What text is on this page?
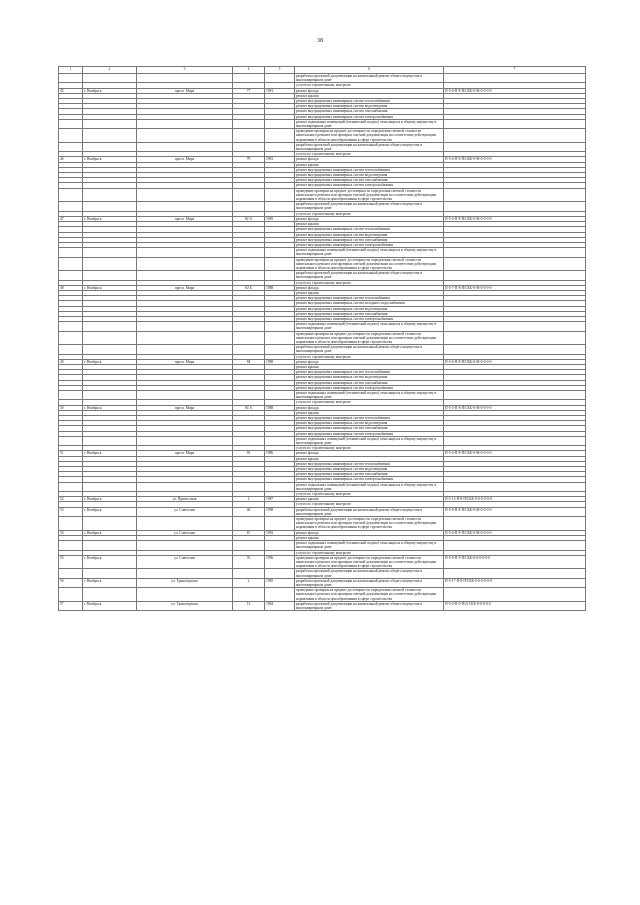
38
1	2	3	4	5	6	7
					разработка проектной документации на капитальный ремонт общего имущества в многоквартирном доме	
					услуги по строительному контролю	
45	г. Ноябрьск	просп. Мира	77	1981	ремонт фасада	П-5-6-П-8-П/СКБ-0-М-0-0-0-0
					ремонт крыши	
					ремонт внутридомовых инженерных систем теплоснабжения	
					ремонт внутридомовых инженерных систем водоотведения	
					ремонт внутридомовых инженерных систем газоснабжения	
					ремонт внутридомовых инженерных систем электроснабжения	
					ремонт подвальных помещений (технический подпол) относящихся к общему имуществу в многоквартирном доме	
					проведение проверки на предмет достоверности определения сметной стоимости капитального ремонта или проверки сметной документации на соответствие действующим нормативам в области ценообразования в сфере строительства	
					разработка проектной документации на капитальный ремонт общего имущества в многоквартирном доме	
					услуги по строительному контролю	
46	г. Ноябрьск	просп. Мира	79	1981	ремонт фасада	П-5-6-П-8-П/СКБ-0-М-0-0-0-0
					ремонт крыши	
					ремонт внутридомовых инженерных систем теплоснабжения	
					ремонт внутридомовых инженерных систем водоотведения	
					ремонт внутридомовых инженерных систем газоснабжения	
					ремонт внутридомовых инженерных систем электроснабжения	
					проведение проверки на предмет достоверности определения сметной стоимости капитального ремонта или проверки сметной документации на соответствие действующим нормативам в области ценообразования в сфере строительства	
					разработка проектной документации на капитальный ремонт общего имущества в многоквартирном доме	
					услуги по строительному контролю	
47	г. Ноябрьск	просп. Мира	82 А	1985	ремонт фасада	П-5-4-П-8-П/СКБ-0-М-0-0-0-0
					ремонт крыши	
					ремонт внутридомовых инженерных систем теплоснабжения	
					ремонт внутридомовых инженерных систем водоотведения	
					ремонт внутридомовых инженерных систем газоснабжения	
					ремонт внутридомовых инженерных систем электроснабжения	
					ремонт подвальных помещений (технический подпол) относящихся к общему имуществу в многоквартирном доме	
					проведение проверки на предмет достоверности определения сметной стоимости капитального ремонта или проверки сметной документации на соответствие действующим нормативам в области ценообразования в сфере строительства	
					разработка проектной документации на капитальный ремонт общего имущества в многоквартирном доме	
					услуги по строительному контролю	
48	г. Ноябрьск	просп. Мира	82 Б	1988	ремонт фасада	П-5-7-П-8-П/СКБ-0-М-0-0-0-0
					ремонт крыши	
					ремонт внутридомовых инженерных систем теплоснабжения	
					ремонт внутридомовых инженерных систем холодного водоснабжения	
					ремонт внутридомовых инженерных систем водоотведения	
					ремонт внутридомовых инженерных систем газоснабжения	
					ремонт внутридомовых инженерных систем электроснабжения	
					ремонт подвальных помещений (технический подпол) относящихся к общему имуществу в многоквартирном доме	
					проведение проверки на предмет достоверности определения сметной стоимости капитального ремонта или проверки сметной документации на соответствие действующим нормативам в области ценообразования в сфере строительства	
					разработка проектной документации на капитальный ремонт общего имущества в многоквартирном доме	
					услуги по строительному контролю	
49	г. Ноябрьск	просп. Мира	84	1988	ремонт фасада	П-5-6-П-8-П/СКБ-0-М-0-0-0-0
					ремонт крыши	
					ремонт внутридомовых инженерных систем теплоснабжения	
					ремонт внутридомовых инженерных систем водоотведения	
					ремонт внутридомовых инженерных систем газоснабжения	
					ремонт внутридомовых инженерных систем электроснабжения	
					ремонт подвальных помещений (технический подпол) относящихся к общему имуществу в многоквартирном доме	
					услуги по строительному контролю	
50	г. Ноябрьск	просп. Мира	84 А	1988	ремонт фасада	П-5-3-П-8-П/СКБ-0-М-0-0-0-0
					ремонт крыши	
					ремонт внутридомовых инженерных систем теплоснабжения	
					ремонт внутридомовых инженерных систем водоотведения	
					ремонт внутридомовых инженерных систем газоснабжения	
					ремонт внутридомовых инженерных систем электроснабжения	
					ремонт подвальных помещений (технический подпол) относящихся к общему имуществу в многоквартирном доме	
					услуги по строительному контролю	
51	г. Ноябрьск	просп. Мира	93	1986	ремонт фасада	П-5-4-П-8-П/СКБ-0-М-0-0-0-0
					ремонт крыши	
					ремонт внутридомовых инженерных систем теплоснабжения	
					ремонт внутридомовых инженерных систем водоотведения	
					ремонт внутридомовых инженерных систем газоснабжения	
					ремонт внутридомовых инженерных систем электроснабжения	
					ремонт подвальных помещений (технический подпол) относящихся к общему имуществу в многоквартирном доме	
					услуги по строительному контролю	
52	г. Ноябрьск	ул. Приместная	1	1987	ремонт крыши	П-5-13-П-8-П/СКБ-0-0-0-0-0-0
					услуги по строительному контролю	
53	г. Ноябрьск	ул. Советская	46	1998	разработка проектной документации на капитальный ремонт общего имущества в многоквартирном доме	П-5-6-П-8-П/СКБ-0-М-0-0-0-0
					проведение проверки на предмет достоверности определения сметной стоимости капитального ремонта или проверки сметной документации на соответствие действующим нормативам в области ценообразования в сфере строительства	
54	г. Ноябрьск	ул. Советская	67	1993	ремонт фасада	П-5-4-П-8-П/СКБ-0-М-0-0-0-0
					ремонт крыши	
					ремонт подвальных помещений (технический подпол) относящихся к общему имуществу в многоквартирном доме	
					услуги по строительному контролю	
55	г. Ноябрьск	ул. Советская	76	1996	проведение проверки на предмет достоверности определения сметной стоимости капитального ремонта или проверки сметной документации на соответствие действующим нормативам в области ценообразования в сфере строительства	П-5-6-П-9-П/СКБ-0-0-0-0-0-0
					разработка проектной документации на капитальный ремонт общего имущества в многоквартирном доме	
56	г. Ноябрьск	ул. Транспортная	2	1985	разработка проектной документации на капитальный ремонт общего имущества в многоквартирном доме	П-5-17-П-8-П/СКБ-0-0-0-0-0-0
					проведение проверки на предмет достоверности определения сметной стоимости капитального ремонта или проверки сметной документации на соответствие действующим нормативам в области ценообразования в сфере строительства	
57	г. Ноябрьск	ул. Транспортная	13	1984	разработка проектной документации на капитальный ремонт общего имущества в многоквартирном доме	П-5-4-П-0-П/Д-СКБ-0-0-0-0-0
